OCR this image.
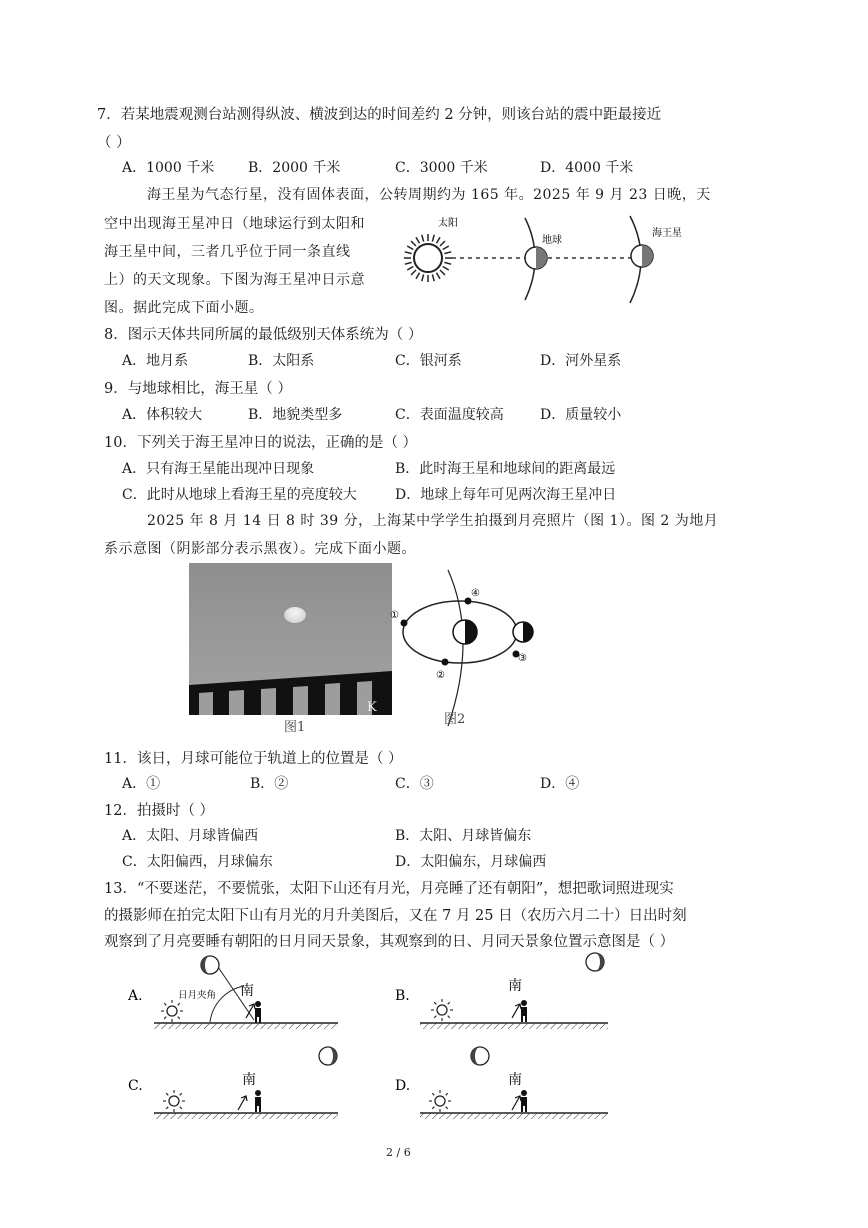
7．若某地震观测台站测得纵波、横波到达的时间差约 2 分钟，则该台站的震中距最接近
（ ）
A．1000 千米 B．2000 千米	C．3000 千米	D．4000 千米
海王星为气态行星，没有固体表面，公转周期约为 165 年。2025 年 9 月 23 日晚，天
空中出现海王星冲日（地球运行到太阳和
海王星中间，三者几乎位于同一条直线
上）的天文现象。下图为海王星冲日示意
图。据此完成下面小题。
太阳
地球
海王星
8．图示天体共同所属的最低级别天体系统为（ ）
A．地月系	B．太阳系	C．银河系	D．河外星系
9．与地球相比，海王星（ ）
A．体积较大	B．地貌类型多	C．表面温度较高	D．质量较小
10．下列关于海王星冲日的说法，正确的是（ ）
A．只有海王星能出现冲日现象	B．此时海王星和地球间的距离最远
C．此时从地球上看海王星的亮度较大	D．地球上每年可见两次海王星冲日
2025 年 8 月 14 日 8 时 39 分，上海某中学学生拍摄到月亮照片（图 1）。图 2 为地月
系示意图（阴影部分表示黑夜）。完成下面小题。
K
图1
①
②
③
④
图2
11．该日，月球可能位于轨道上的位置是（ ）
A．①	B．②	C．③	D．④
12．拍摄时（ ）
A．太阳、月球皆偏西	B．太阳、月球皆偏东
C．太阳偏西，月球偏东	D．太阳偏东，月球偏西
13．“不要迷茫，不要慌张，太阳下山还有月光，月亮睡了还有朝阳”，想把歌词照进现实
的摄影师在拍完太阳下山有月光的月升美图后，又在 7 月 25 日（农历六月二十）日出时刻
观察到了月亮要睡有朝阳的日月同天景象，其观察到的日、月同天景象位置示意图是（ ）
A.	日月夹角 南	B.
南
C.	南	D.	南
2 / 6
